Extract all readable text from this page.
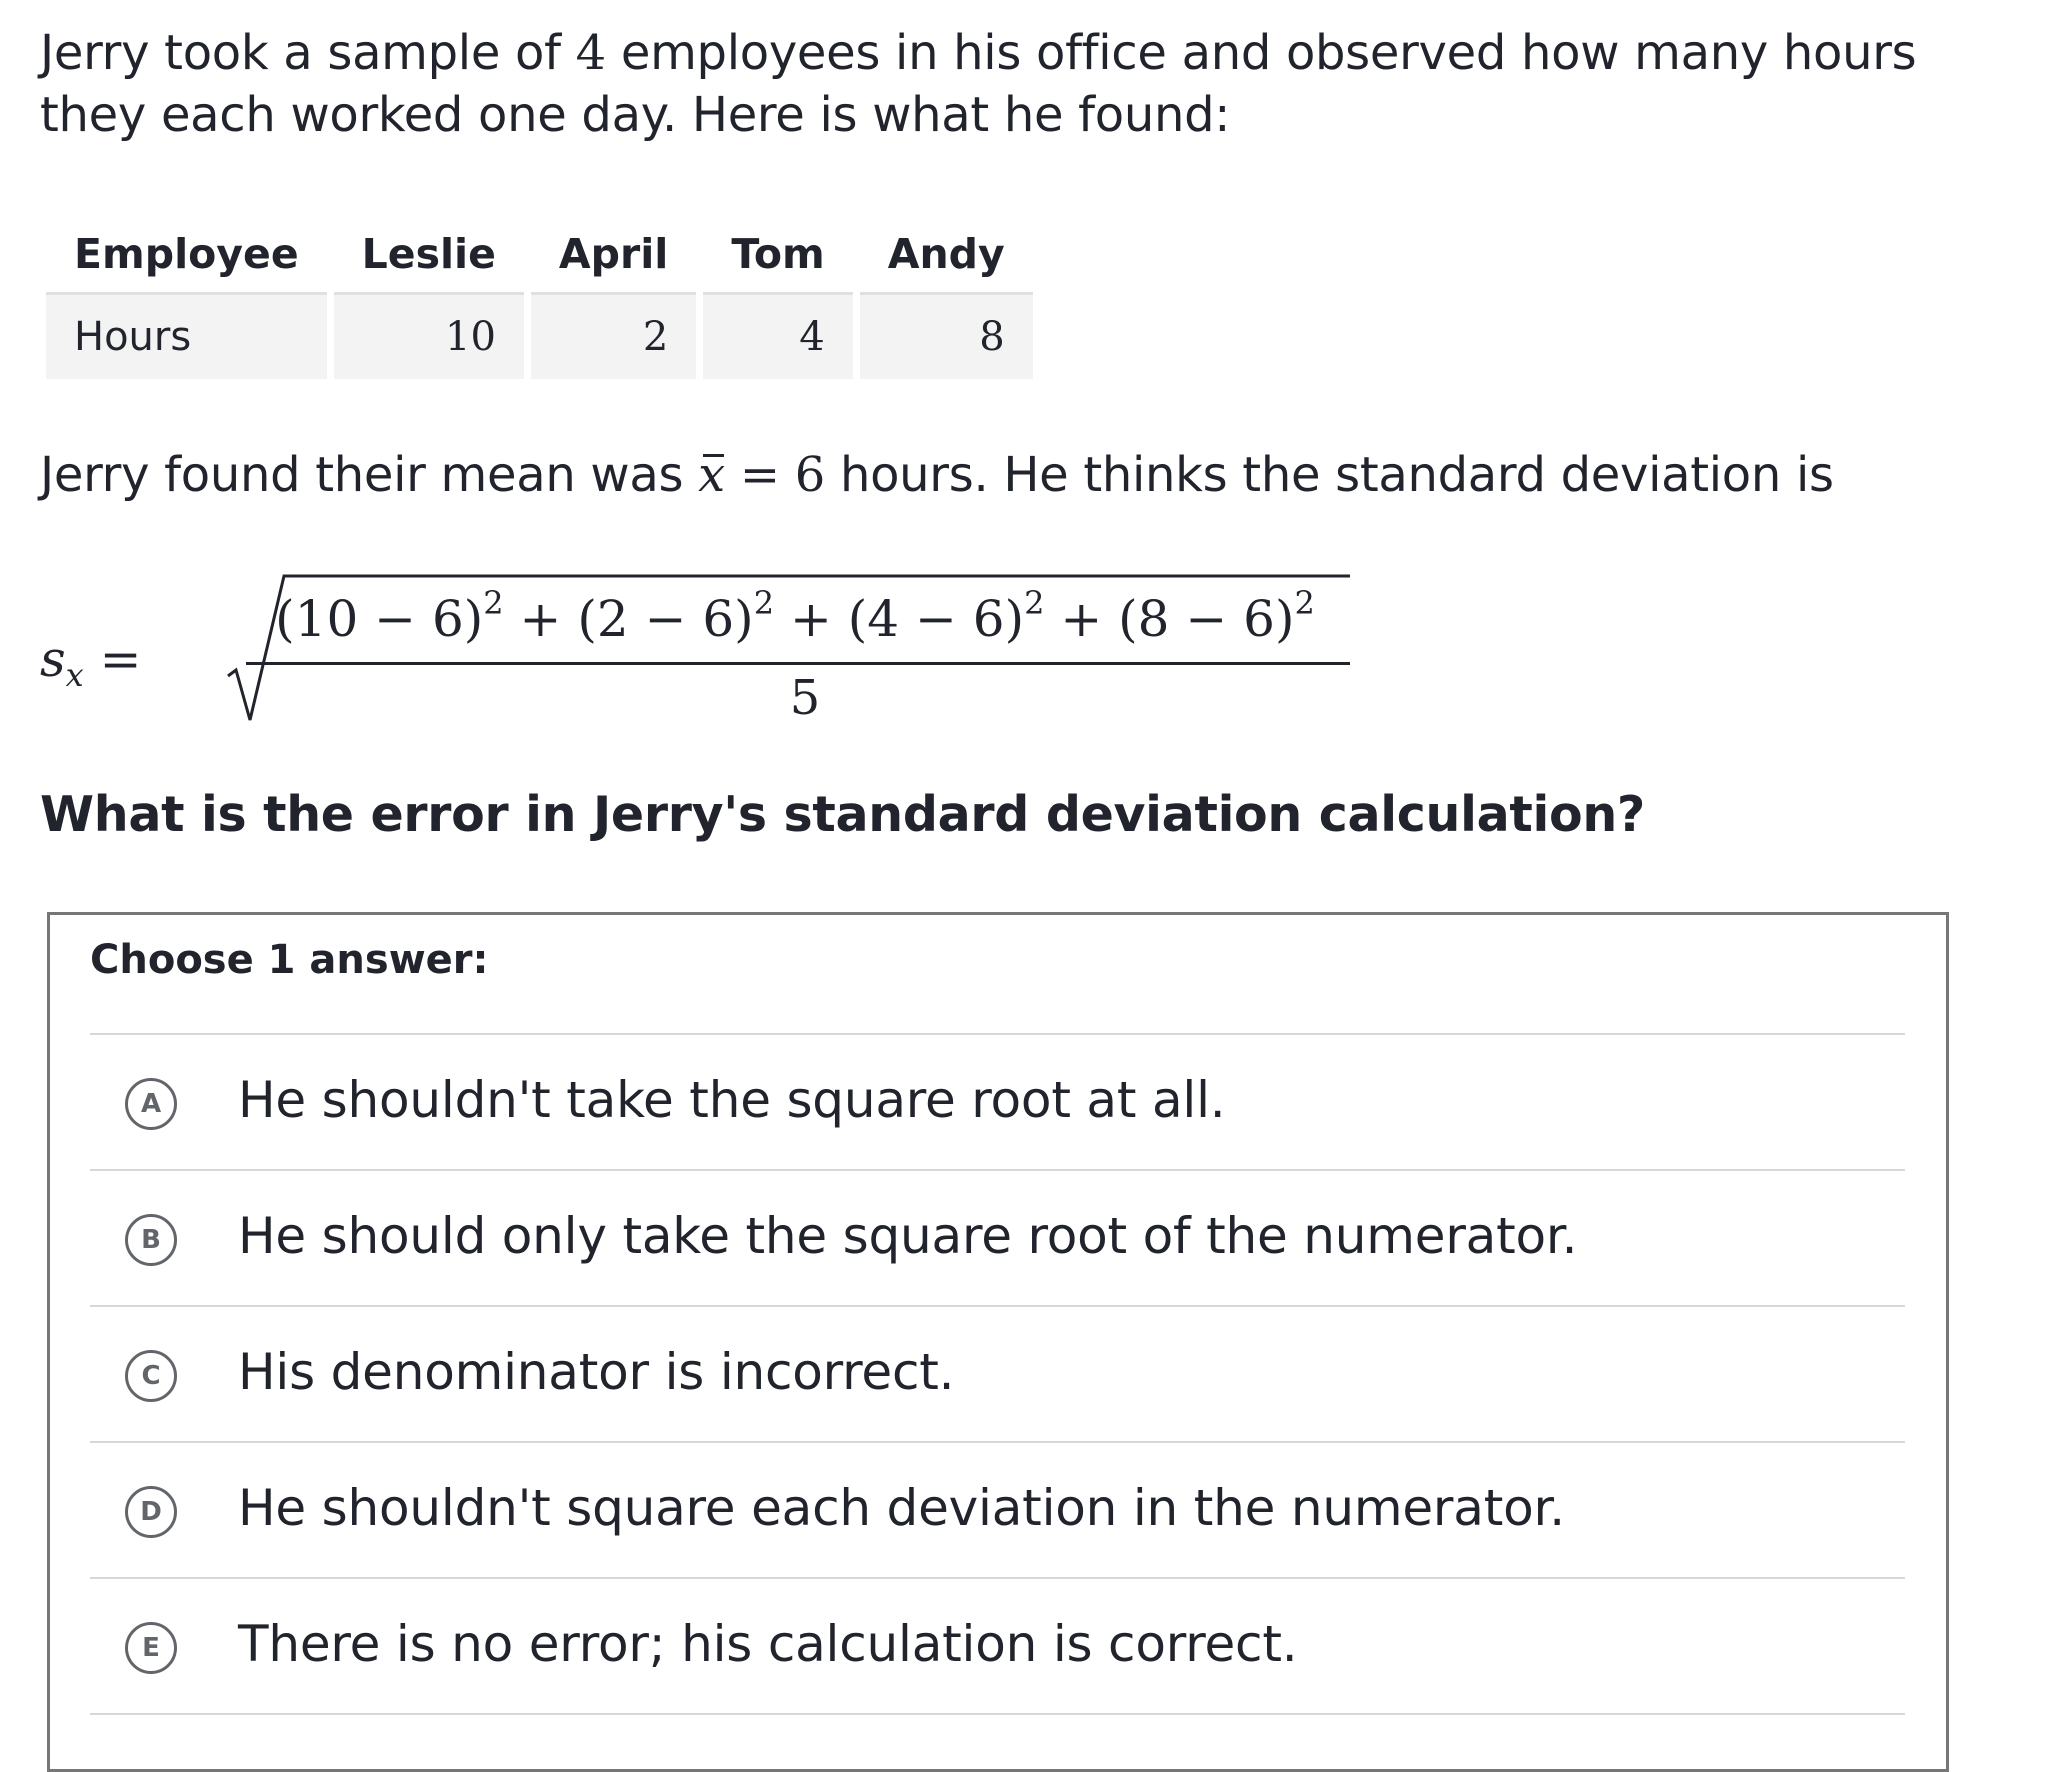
Jerry took a sample of 4 employees in his office and observed how many hours they each worked one day. Here is what he found:

Employee	Leslie	April	Tom	Andy
Hours	10	2	4	8
Jerry found their mean was x = 6 hours. He thinks the standard deviation is
$s_x$ =
$(10 - 6)^2 + (2 - 6)^2 + (4 - 6)^2 + (8 - 6)^2$
5
What is the error in Jerry's standard deviation calculation?
Choose 1 answer:
A	He shouldn't take the square root at all.
B	He should only take the square root of the numerator.
C	His denominator is incorrect.
D	He shouldn't square each deviation in the numerator.
E	There is no error; his calculation is correct.
